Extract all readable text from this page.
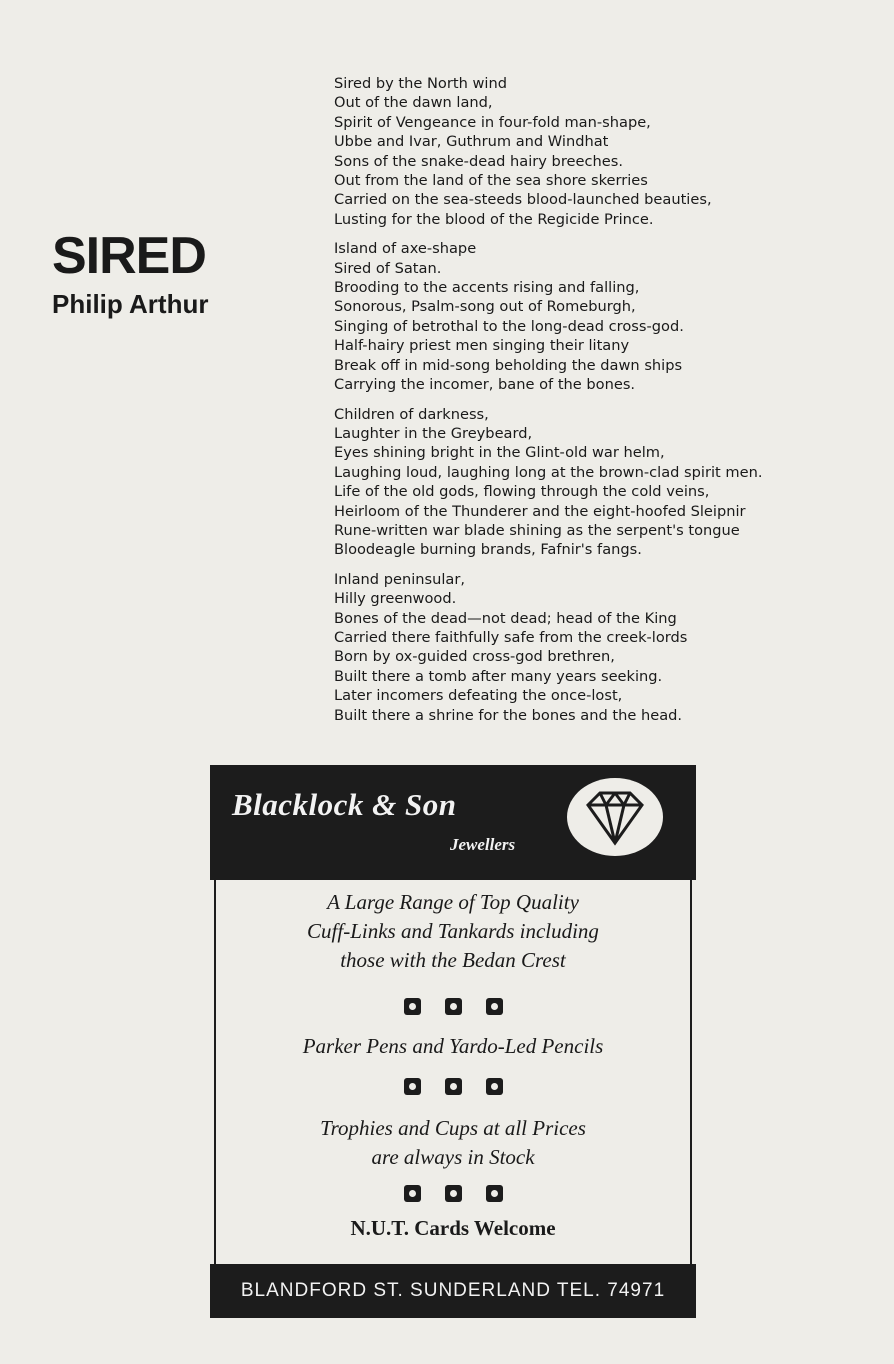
SIRED
Philip Arthur
Sired by the North wind
Out of the dawn land,
Spirit of Vengeance in four-fold man-shape,
Ubbe and Ivar, Guthrum and Windhat
Sons of the snake-dead hairy breeches.
Out from the land of the sea shore skerries
Carried on the sea-steeds blood-launched beauties,
Lusting for the blood of the Regicide Prince.
Island of axe-shape
Sired of Satan.
Brooding to the accents rising and falling,
Sonorous, Psalm-song out of Romeburgh,
Singing of betrothal to the long-dead cross-god.
Half-hairy priest men singing their litany
Break off in mid-song beholding the dawn ships
Carrying the incomer, bane of the bones.
Children of darkness,
Laughter in the Greybeard,
Eyes shining bright in the Glint-old war helm,
Laughing loud, laughing long at the brown-clad spirit men.
Life of the old gods, flowing through the cold veins,
Heirloom of the Thunderer and the eight-hoofed Sleipnir
Rune-written war blade shining as the serpent's tongue
Bloodeagle burning brands, Fafnir's fangs.
Inland peninsular,
Hilly greenwood.
Bones of the dead—not dead; head of the King
Carried there faithfully safe from the creek-lords
Born by ox-guided cross-god brethren,
Built there a tomb after many years seeking.
Later incomers defeating the once-lost,
Built there a shrine for the bones and the head.
Blacklock & Son
Jewellers
A Large Range of Top Quality
Cuff-Links and Tankards including
those with the Bedan Crest
Parker Pens and Yardo-Led Pencils
Trophies and Cups at all Prices
are always in Stock
N.U.T. Cards Welcome
BLANDFORD ST. SUNDERLAND TEL. 74971
